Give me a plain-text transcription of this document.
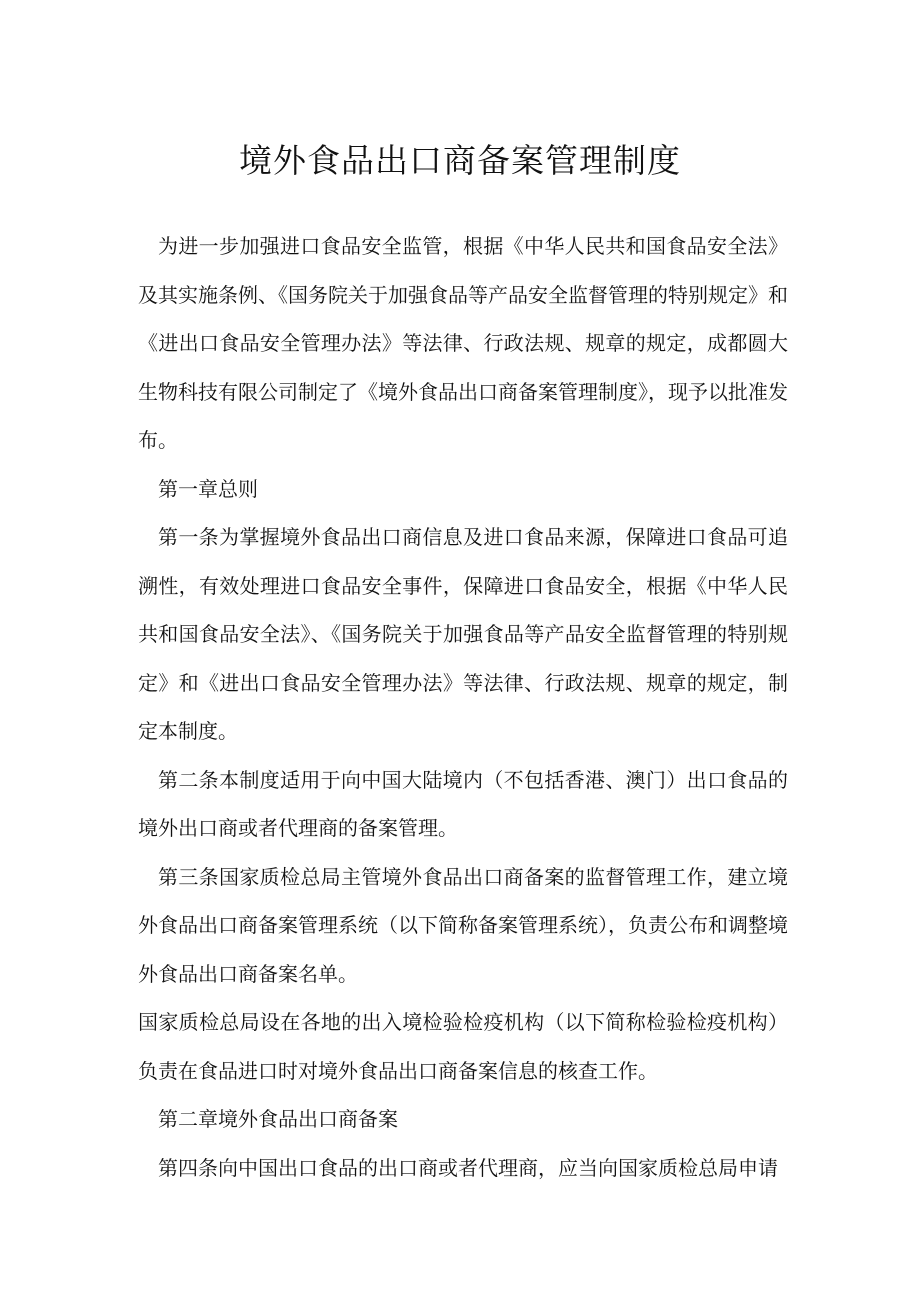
境外食品出口商备案管理制度

为进一步加强进口食品安全监管，根据《中华人民共和国食品安全法》及其实施条例、《国务院关于加强食品等产品安全监督管理的特别规定》和《进出口食品安全管理办法》等法律、行政法规、规章的规定，成都圆大生物科技有限公司制定了《境外食品出口商备案管理制度》，现予以批准发布。

第一章总则

第一条为掌握境外食品出口商信息及进口食品来源，保障进口食品可追溯性，有效处理进口食品安全事件，保障进口食品安全，根据《中华人民共和国食品安全法》、《国务院关于加强食品等产品安全监督管理的特别规定》和《进出口食品安全管理办法》等法律、行政法规、规章的规定，制定本制度。

第二条本制度适用于向中国大陆境内（不包括香港、澳门）出口食品的境外出口商或者代理商的备案管理。

第三条国家质检总局主管境外食品出口商备案的监督管理工作，建立境外食品出口商备案管理系统（以下简称备案管理系统），负责公布和调整境外食品出口商备案名单。

国家质检总局设在各地的出入境检验检疫机构（以下简称检验检疫机构）负责在食品进口时对境外食品出口商备案信息的核查工作。

第二章境外食品出口商备案

第四条向中国出口食品的出口商或者代理商，应当向国家质检总局申请
